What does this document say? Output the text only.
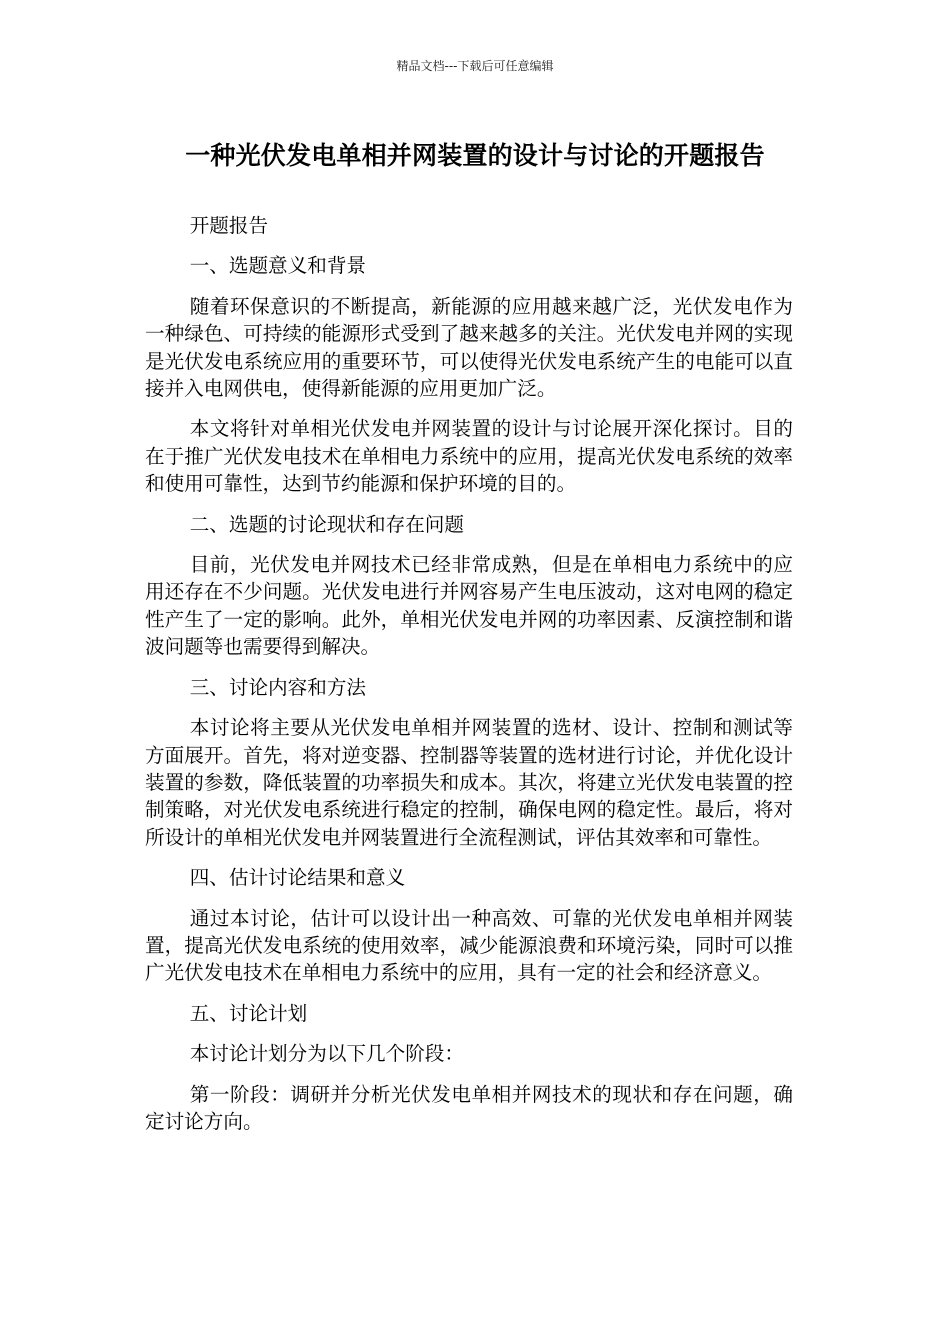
精品文档---下载后可任意编辑
一种光伏发电单相并网装置的设计与讨论的开题报告

开题报告

一、选题意义和背景

随着环保意识的不断提高，新能源的应用越来越广泛，光伏发电作为一种绿色、可持续的能源形式受到了越来越多的关注。光伏发电并网的实现是光伏发电系统应用的重要环节，可以使得光伏发电系统产生的电能可以直接并入电网供电，使得新能源的应用更加广泛。

本文将针对单相光伏发电并网装置的设计与讨论展开深化探讨。目的在于推广光伏发电技术在单相电力系统中的应用，提高光伏发电系统的效率和使用可靠性，达到节约能源和保护环境的目的。

二、选题的讨论现状和存在问题

目前，光伏发电并网技术已经非常成熟，但是在单相电力系统中的应用还存在不少问题。光伏发电进行并网容易产生电压波动，这对电网的稳定性产生了一定的影响。此外，单相光伏发电并网的功率因素、反演控制和谐波问题等也需要得到解决。

三、讨论内容和方法

本讨论将主要从光伏发电单相并网装置的选材、设计、控制和测试等方面展开。首先，将对逆变器、控制器等装置的选材进行讨论，并优化设计装置的参数，降低装置的功率损失和成本。其次，将建立光伏发电装置的控制策略，对光伏发电系统进行稳定的控制，确保电网的稳定性。最后，将对所设计的单相光伏发电并网装置进行全流程测试，评估其效率和可靠性。

四、估计讨论结果和意义

通过本讨论，估计可以设计出一种高效、可靠的光伏发电单相并网装置，提高光伏发电系统的使用效率，减少能源浪费和环境污染，同时可以推广光伏发电技术在单相电力系统中的应用，具有一定的社会和经济意义。

五、讨论计划

本讨论计划分为以下几个阶段：

第一阶段：调研并分析光伏发电单相并网技术的现状和存在问题，确定讨论方向。
